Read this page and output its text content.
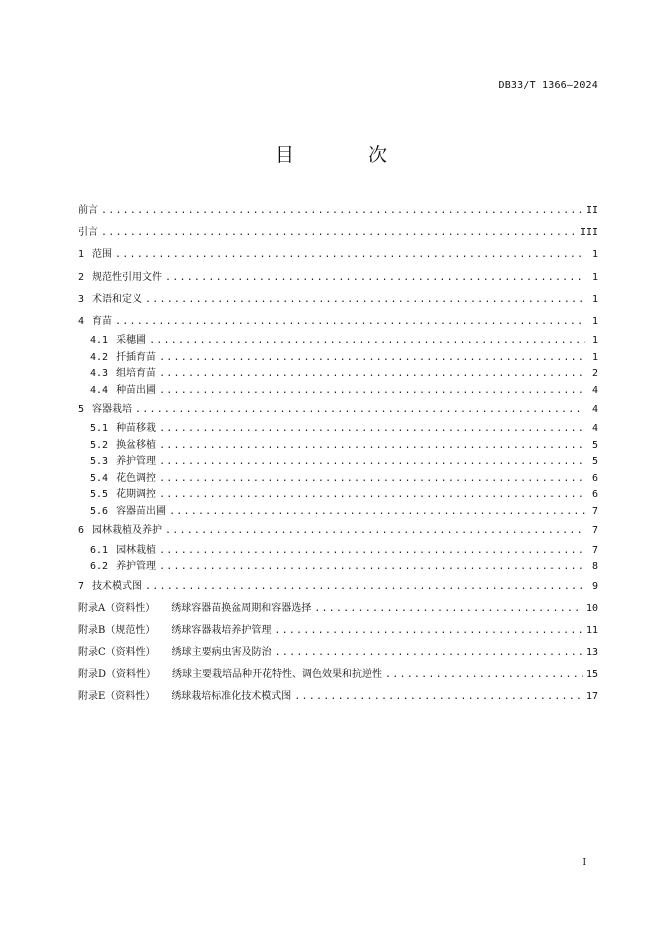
DB33/T 1366—2024
目 次
前言 .....	II
引言 .....	III
1 范围 .....	1
2 规范性引用文件 .....	1
3 术语和定义 .....	1
4 育苗 .....	1
4.1 采穗圃 .....	1
4.2 扦插育苗 .....	1
4.3 组培育苗 .....	2
4.4 种苗出圃 .....	4
5 容器栽培 .....	4
5.1 种苗移栽 .....	4
5.2 换盆移植 .....	5
5.3 养护管理 .....	5
5.4 花色调控 .....	6
5.5 花期调控 .....	6
5.6 容器苗出圃 .....	7
6 园林栽植及养护 .....	7
6.1 园林栽植 .....	7
6.2 养护管理 .....	8
7 技术模式图 .....	9
附录A（资料性） 绣球容器苗换盆周期和容器选择 .....	10
附录B（规范性） 绣球容器栽培养护管理 .....	11
附录C（资料性） 绣球主要病虫害及防治 .....	13
附录D（资料性） 绣球主要栽培品种开花特性、调色效果和抗逆性 .....	15
附录E（资料性） 绣球栽培标准化技术模式图 .....	17
I
